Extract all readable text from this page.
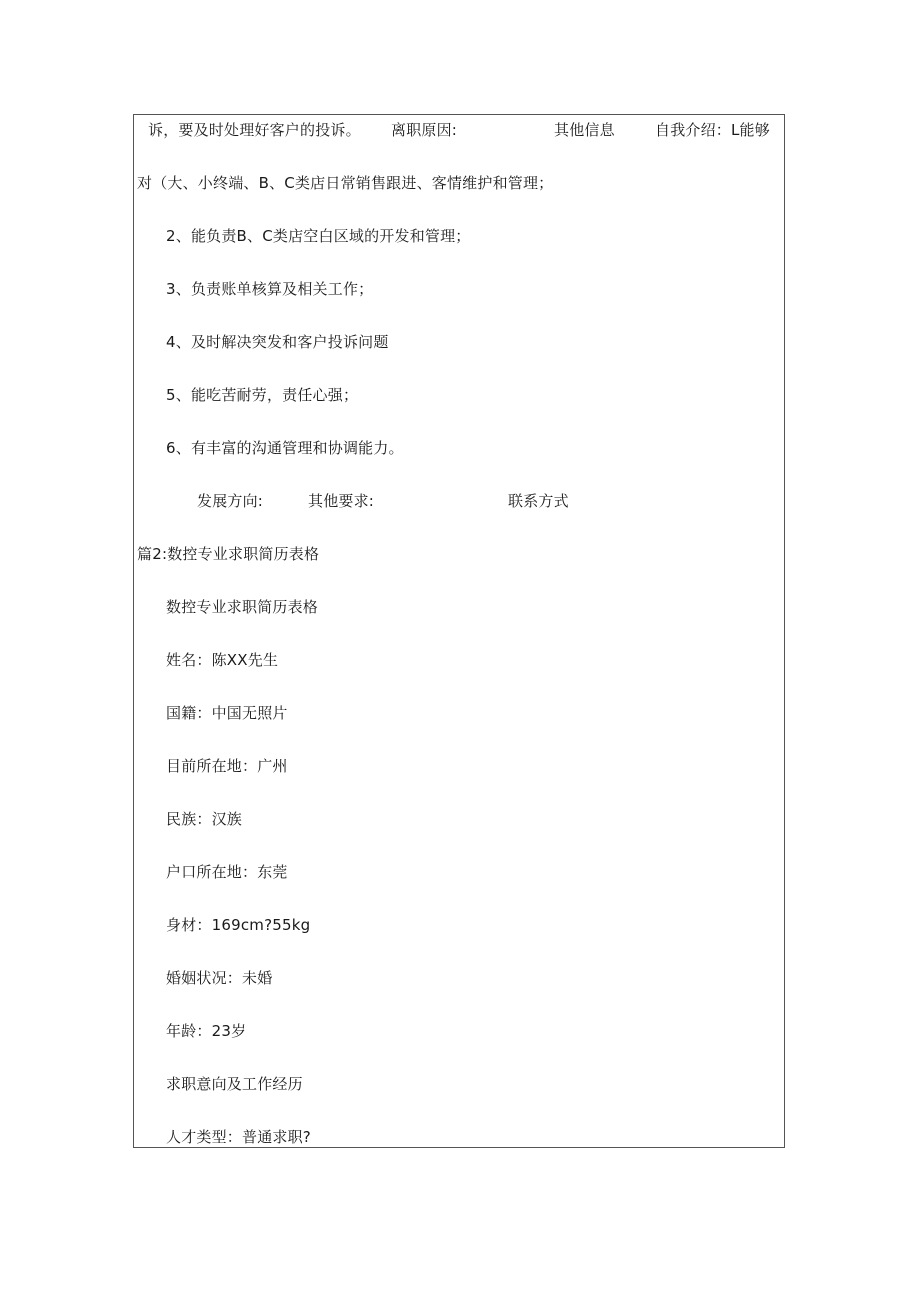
诉，要及时处理好客户的投诉。 离职原因:	其他信息	自我介绍：L能够
对（大、小终端、B、C类店日常销售跟进、客情维护和管理；
2、能负责B、C类店空白区域的开发和管理；
3、负责账单核算及相关工作；
4、及时解决突发和客户投诉问题
5、能吃苦耐劳，责任心强；
6、有丰富的沟通管理和协调能力。
发展方向:	其他要求:	联系方式
篇2:数控专业求职简历表格
数控专业求职简历表格
姓名：陈XX先生
国籍：中国无照片
目前所在地：广州
民族：汉族
户口所在地：东莞
身材：169cm?55kg
婚姻状况：未婚
年龄：23岁
求职意向及工作经历
人才类型：普通求职?
